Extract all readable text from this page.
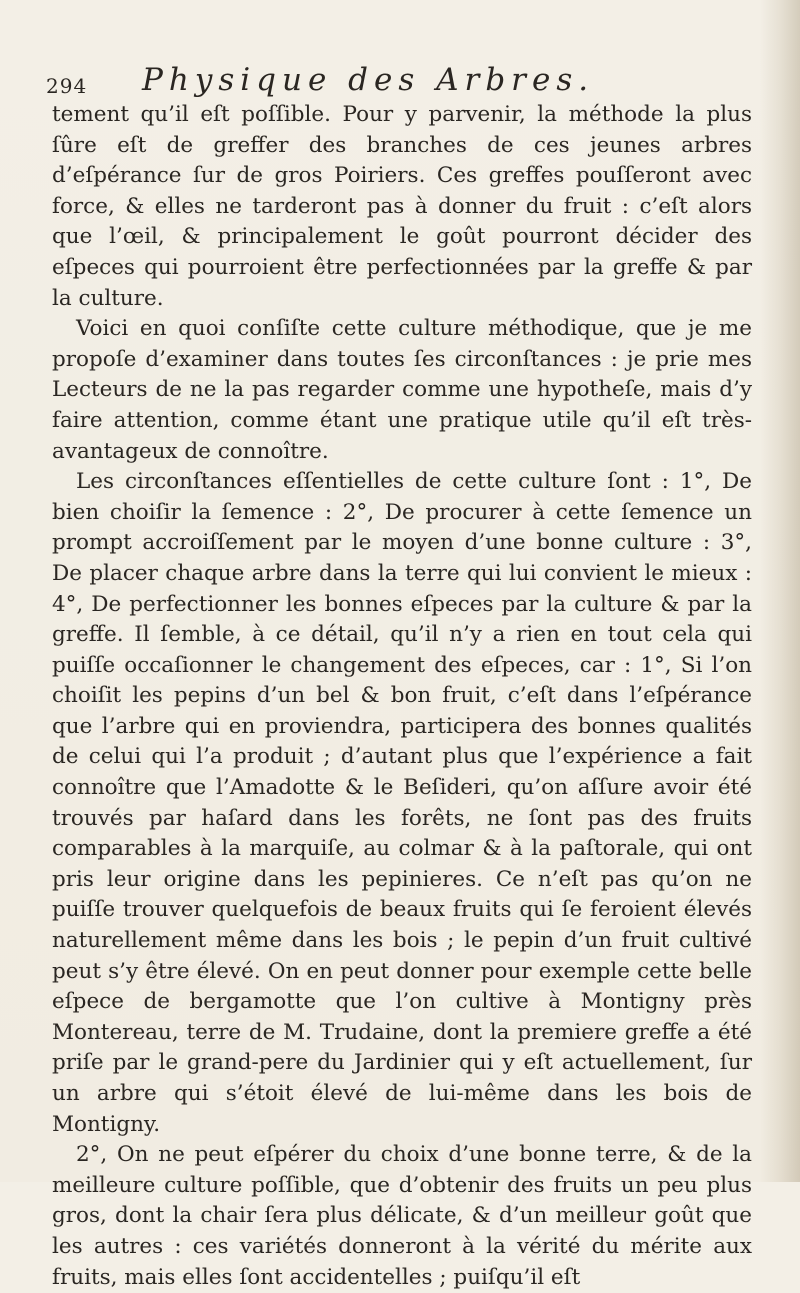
294 Physique des Arbres.

tement qu’il eſt poſſible. Pour y parvenir, la méthode la plus ſûre eſt de greffer des branches de ces jeunes arbres d’eſpérance ſur de gros Poiriers. Ces greffes pouſſeront avec force, & elles ne tarderont pas à donner du fruit : c’eſt alors que l’œil, & principalement le goût pourront décider des eſpeces qui pourroient être perfectionnées par la greffe & par la culture.

Voici en quoi conſiſte cette culture méthodique, que je me propoſe d’examiner dans toutes ſes circonſtances : je prie mes Lecteurs de ne la pas regarder comme une hypotheſe, mais d’y faire attention, comme étant une pratique utile qu’il eſt très-avantageux de connoître.

Les circonſtances eſſentielles de cette culture ſont : 1°, De bien choiſir la ſemence : 2°, De procurer à cette ſemence un prompt accroiſſement par le moyen d’une bonne culture : 3°, De placer chaque arbre dans la terre qui lui convient le mieux : 4°, De perfectionner les bonnes eſpeces par la culture & par la greffe. Il ſemble, à ce détail, qu’il n’y a rien en tout cela qui puiſſe occaſionner le changement des eſpeces, car : 1°, Si l’on choiſit les pepins d’un bel & bon fruit, c’eſt dans l’eſpérance que l’arbre qui en proviendra, participera des bonnes qualités de celui qui l’a produit ; d’autant plus que l’expérience a fait connoître que l’Amadotte & le Beſideri, qu’on aſſure avoir été trouvés par haſard dans les forêts, ne ſont pas des fruits comparables à la marquiſe, au colmar & à la paſtorale, qui ont pris leur origine dans les pepinieres. Ce n’eſt pas qu’on ne puiſſe trouver quelquefois de beaux fruits qui ſe feroient élevés naturellement même dans les bois ; le pepin d’un fruit cultivé peut s’y être élevé. On en peut donner pour exemple cette belle eſpece de bergamotte que l’on cultive à Montigny près Montereau, terre de M. Trudaine, dont la premiere greffe a été priſe par le grand-pere du Jardinier qui y eſt actuellement, ſur un arbre qui s’étoit élevé de lui-même dans les bois de Montigny.

2°, On ne peut eſpérer du choix d’une bonne terre, & de la meilleure culture poſſible, que d’obtenir des fruits un peu plus gros, dont la chair ſera plus délicate, & d’un meilleur goût que les autres : ces variétés donneront à la vérité du mérite aux fruits, mais elles ſont accidentelles ; puiſqu’il eſt
